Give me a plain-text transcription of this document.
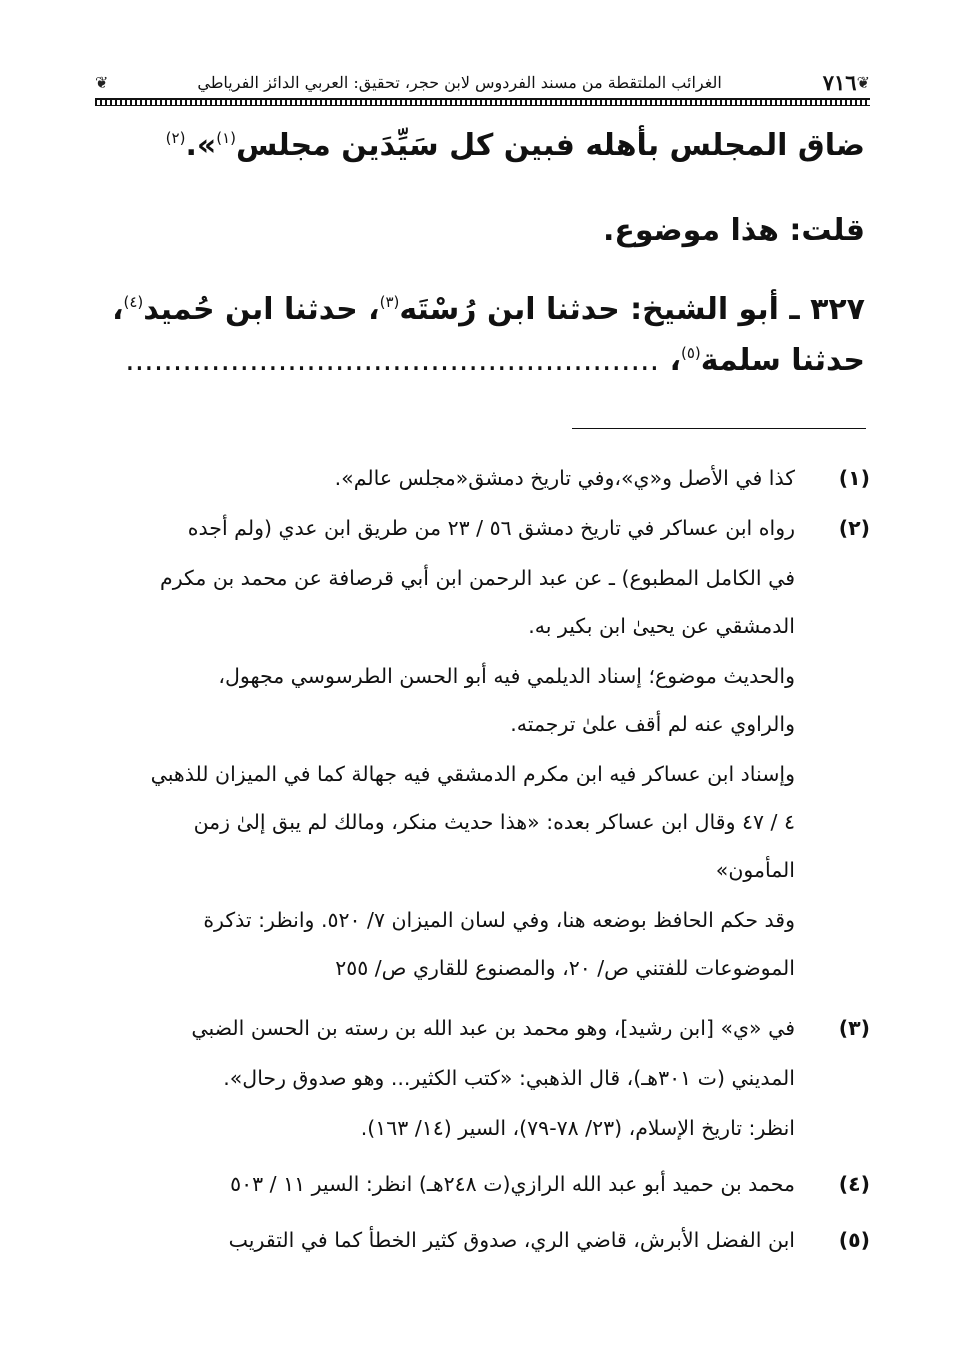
❦
٧١٦
الغرائب الملتقطة من مسند الفردوس لابن حجر، تحقيق: العربي الدائز الفرياطي
❦
ضاق المجلس بأهله فبين كل سَيِّدَين مجلس$^{(١)}$».$^{(٢)}$
قلت: هذا موضوع.
٣٢٧ ـ أبو الشيخ: حدثنا ابن رُسْتَه$^{(٣)}$، حدثنا ابن حُميد$^{(٤)}$،
حدثنا سلمة$^{(٥)}$، ........................................................
(١)
كذا في الأصل و«ي»،وفي تاريخ دمشق«مجلس عالم».
(٢)
رواه ابن عساكر في تاريخ دمشق ٥٦ / ٢٣ من طريق ابن عدي (ولم أجده
في الكامل المطبوع) ـ عن عبد الرحمن ابن أبي قرصافة عن محمد بن مكرم
الدمشقي عن يحيىٰ ابن بكير به.
والحديث موضوع؛ إسناد الديلمي فيه أبو الحسن الطرسوسي مجهول،
والراوي عنه لم أقف علىٰ ترجمته.
وإسناد ابن عساكر فيه ابن مكرم الدمشقي فيه جهالة كما في الميزان للذهبي
٤ / ٤٧ وقال ابن عساكر بعده: «هذا حديث منكر، ومالك لم يبق إلىٰ زمن
المأمون»
وقد حكم الحافظ بوضعه هنا، وفي لسان الميزان ٧/ ٥٢٠. وانظر: تذكرة
الموضوعات للفتني ص/ ٢٠، والمصنوع للقاري ص/ ٢٥٥
(٣)
في «ي» [ابن رشيد]، وهو محمد بن عبد الله بن رسته بن الحسن الضبي
المديني (ت ٣٠١هـ)، قال الذهبي: «كتب الكثير... وهو صدوق رحال».
انظر: تاريخ الإسلام، (٢٣/ ٧٨-٧٩)، السير (١٤/ ١٦٣).
(٤)
محمد بن حميد أبو عبد الله الرازي(ت ٢٤٨هـ) انظر: السير ١١ / ٥٠٣
(٥)
ابن الفضل الأبرش، قاضي الري، صدوق كثير الخطأ كما في التقريب
